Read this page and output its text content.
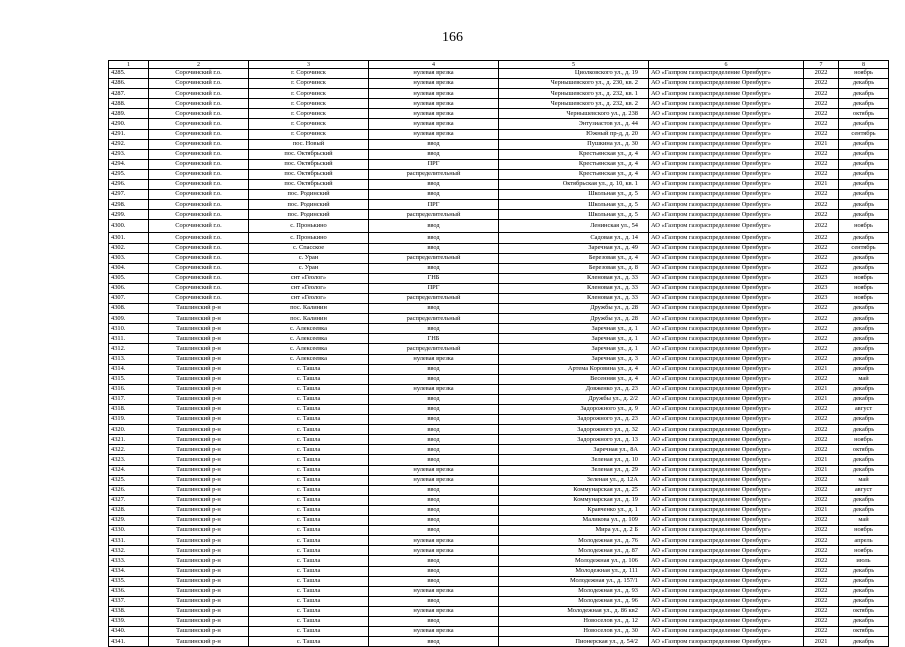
166
1	2	3	4	5	6	7	8
4285.	Сорочинский г.о.	г. Сорочинск	нулевая врезка	Циолковского ул., д. 19	АО «Газпром газораспределение Оренбург»	2022	ноябрь
4286.	Сорочинский г.о.	г. Сорочинск	нулевая врезка	Чернышевского ул., д. 230, кв. 2	АО «Газпром газораспределение Оренбург»	2022	декабрь
4287.	Сорочинский г.о.	г. Сорочинск	нулевая врезка	Чернышевского ул., д. 232, кв. 1	АО «Газпром газораспределение Оренбург»	2022	декабрь
4288.	Сорочинский г.о.	г. Сорочинск	нулевая врезка	Чернышевского ул., д. 232, кв. 2	АО «Газпром газораспределение Оренбург»	2022	декабрь
4289.	Сорочинский г.о.	г. Сорочинск	нулевая врезка	Чернышевского ул., д. 238	АО «Газпром газораспределение Оренбург»	2022	октябрь
4290.	Сорочинский г.о.	г. Сорочинск	нулевая врезка	Энтузиастов ул., д. 44	АО «Газпром газораспределение Оренбург»	2022	декабрь
4291.	Сорочинский г.о.	г. Сорочинск	нулевая врезка	Южный пр-д, д. 20	АО «Газпром газораспределение Оренбург»	2022	сентябрь
4292.	Сорочинский г.о.	пос. Новый	ввод	Пушкина ул., д. 30	АО «Газпром газораспределение Оренбург»	2021	декабрь
4293.	Сорочинский г.о.	пос. Октябрьский	ввод	Крестьянская ул., д. 4	АО «Газпром газораспределение Оренбург»	2022	декабрь
4294.	Сорочинский г.о.	пос. Октябрьский	ПРГ	Крестьянская ул., д. 4	АО «Газпром газораспределение Оренбург»	2022	декабрь
4295.	Сорочинский г.о.	пос. Октябрьский	распределительный	Крестьянская ул., д. 4	АО «Газпром газораспределение Оренбург»	2022	декабрь
4296.	Сорочинский г.о.	пос. Октябрьский	ввод	Октябрьская ул., д. 10, кв. 1	АО «Газпром газораспределение Оренбург»	2021	декабрь
4297.	Сорочинский г.о.	пос. Родинский	ввод	Школьная ул., д. 5	АО «Газпром газораспределение Оренбург»	2022	декабрь
4298.	Сорочинский г.о.	пос. Родинский	ПРГ	Школьная ул., д. 5	АО «Газпром газораспределение Оренбург»	2022	декабрь
4299.	Сорочинский г.о.	пос. Родинский	распределительный	Школьная ул., д. 5	АО «Газпром газораспределение Оренбург»	2022	декабрь
4300.	Сорочинский г.о.	с. Пронькино	ввод	Ленинская ул., 54	АО «Газпром газораспределение Оренбург»	2022	ноябрь
4301.	Сорочинский г.о.	с. Пронькино	ввод	Садовая ул., д. 14	АО «Газпром газораспределение Оренбург»	2022	декабрь
4302.	Сорочинский г.о.	с. Спасское	ввод	Заречная ул., д. 49	АО «Газпром газораспределение Оренбург»	2022	сентябрь
4303.	Сорочинский г.о.	с. Уран	распределительный	Березовая ул., д. 4	АО «Газпром газораспределение Оренбург»	2022	декабрь
4304.	Сорочинский г.о.	с. Уран	ввод	Березовая ул., д. 8	АО «Газпром газораспределение Оренбург»	2022	декабрь
4305.	Сорочинский г.о.	снт «Геолог»	ГНБ	Кленовая ул., д. 33	АО «Газпром газораспределение Оренбург»	2023	ноябрь
4306.	Сорочинский г.о.	снт «Геолог»	ПРГ	Кленовая ул., д. 33	АО «Газпром газораспределение Оренбург»	2023	ноябрь
4307.	Сорочинский г.о.	снт «Геолог»	распределительный	Кленовая ул., д. 33	АО «Газпром газораспределение Оренбург»	2023	ноябрь
4308.	Ташлинский р-н	пос. Калинин	ввод	Дружбы ул., д. 28	АО «Газпром газораспределение Оренбург»	2022	декабрь
4309.	Ташлинский р-н	пос. Калинин	распределительный	Дружбы ул., д. 28	АО «Газпром газораспределение Оренбург»	2022	декабрь
4310.	Ташлинский р-н	с. Алексеевка	ввод	Заречная ул., д. 1	АО «Газпром газораспределение Оренбург»	2022	декабрь
4311.	Ташлинский р-н	с. Алексеевка	ГНБ	Заречная ул., д. 1	АО «Газпром газораспределение Оренбург»	2022	декабрь
4312.	Ташлинский р-н	с. Алексеевка	распределительный	Заречная ул., д. 1	АО «Газпром газораспределение Оренбург»	2022	декабрь
4313.	Ташлинский р-н	с. Алексеевка	нулевая врезка	Заречная ул., д. 3	АО «Газпром газораспределение Оренбург»	2022	декабрь
4314.	Ташлинский р-н	с. Ташла	ввод	Артема Коровина ул., д. 4	АО «Газпром газораспределение Оренбург»	2021	декабрь
4315.	Ташлинский р-н	с. Ташла	ввод	Весенняя ул., д. 4	АО «Газпром газораспределение Оренбург»	2022	май
4316.	Ташлинский р-н	с. Ташла	нулевая врезка	Довженко ул., д. 23	АО «Газпром газораспределение Оренбург»	2021	декабрь
4317.	Ташлинский р-н	с. Ташла	ввод	Дружбы ул., д. 2/2	АО «Газпром газораспределение Оренбург»	2021	декабрь
4318.	Ташлинский р-н	с. Ташла	ввод	Задорожного ул., д. 9	АО «Газпром газораспределение Оренбург»	2022	август
4319.	Ташлинский р-н	с. Ташла	ввод	Задорожного ул., д. 23	АО «Газпром газораспределение Оренбург»	2022	декабрь
4320.	Ташлинский р-н	с. Ташла	ввод	Задорожного ул., д. 32	АО «Газпром газораспределение Оренбург»	2022	декабрь
4321.	Ташлинский р-н	с. Ташла	ввод	Задорожного ул., д. 13	АО «Газпром газораспределение Оренбург»	2022	ноябрь
4322.	Ташлинский р-н	с. Ташла	ввод	Заречная ул., 8А	АО «Газпром газораспределение Оренбург»	2022	октябрь
4323.	Ташлинский р-н	с. Ташла	ввод	Зеленая ул., д. 10	АО «Газпром газораспределение Оренбург»	2021	декабрь
4324.	Ташлинский р-н	с. Ташла	нулевая врезка	Зеленая ул., д. 29	АО «Газпром газораспределение Оренбург»	2021	декабрь
4325.	Ташлинский р-н	с. Ташла	нулевая врезка	Зеленая ул., д. 12А	АО «Газпром газораспределение Оренбург»	2022	май
4326.	Ташлинский р-н	с. Ташла	ввод	Коммунарская ул., д. 25	АО «Газпром газораспределение Оренбург»	2022	август
4327.	Ташлинский р-н	с. Ташла	ввод	Коммунарская ул., д. 19	АО «Газпром газораспределение Оренбург»	2022	декабрь
4328.	Ташлинский р-н	с. Ташла	ввод	Кравченко ул., д. 1	АО «Газпром газораспределение Оренбург»	2021	декабрь
4329.	Ташлинский р-н	с. Ташла	ввод	Маликова ул., д. 109	АО «Газпром газораспределение Оренбург»	2022	май
4330.	Ташлинский р-н	с. Ташла	ввод	Мира ул., д. 2 Б	АО «Газпром газораспределение Оренбург»	2022	ноябрь
4331.	Ташлинский р-н	с. Ташла	нулевая врезка	Молодежная ул., д. 76	АО «Газпром газораспределение Оренбург»	2022	апрель
4332.	Ташлинский р-н	с. Ташла	нулевая врезка	Молодежная ул., д. 87	АО «Газпром газораспределение Оренбург»	2022	ноябрь
4333.	Ташлинский р-н	с. Ташла	ввод	Молодежная ул., д. 106	АО «Газпром газораспределение Оренбург»	2022	июль
4334.	Ташлинский р-н	с. Ташла	ввод	Молодежная ул., д. 111	АО «Газпром газораспределение Оренбург»	2022	декабрь
4335.	Ташлинский р-н	с. Ташла	ввод	Молодежная ул., д. 157/1	АО «Газпром газораспределение Оренбург»	2022	декабрь
4336.	Ташлинский р-н	с. Ташла	нулевая врезка	Молодежная ул., д. 93	АО «Газпром газораспределение Оренбург»	2022	декабрь
4337.	Ташлинский р-н	с. Ташла	ввод	Молодежная ул., д. 96	АО «Газпром газораспределение Оренбург»	2022	декабрь
4338.	Ташлинский р-н	с. Ташла	нулевая врезка	Молодежная ул., д. 86 кв2	АО «Газпром газораспределение Оренбург»	2022	октябрь
4339.	Ташлинский р-н	с. Ташла	ввод	Новоселов ул., д. 12	АО «Газпром газораспределение Оренбург»	2022	декабрь
4340.	Ташлинский р-н	с. Ташла	нулевая врезка	Новоселов ул., д. 30	АО «Газпром газораспределение Оренбург»	2022	октябрь
4341.	Ташлинский р-н	с. Ташла	ввод	Пионерская ул., д. 54/2	АО «Газпром газораспределение Оренбург»	2021	декабрь
